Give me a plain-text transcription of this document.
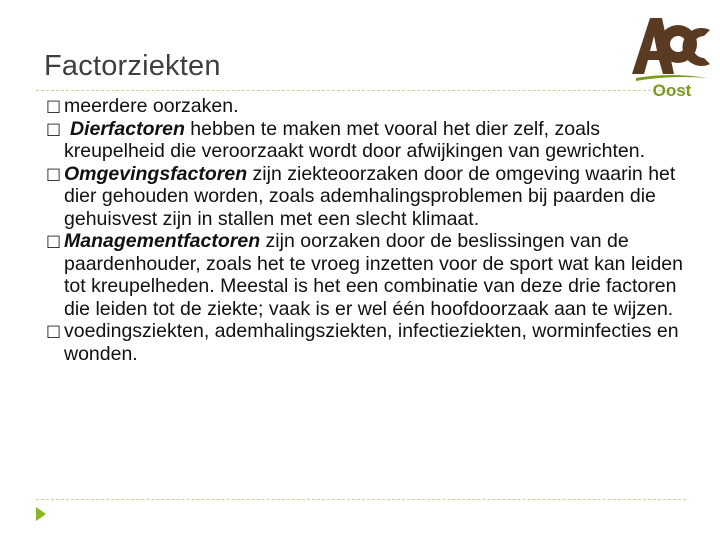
Factorziekten
Oost
□ meerdere oorzaken.
□ Dierfactoren hebben te maken met vooral het dier zelf, zoals kreupelheid die veroorzaakt wordt door afwijkingen van gewrichten.
□ Omgevingsfactoren zijn ziekteoorzaken door de omgeving waarin het dier gehouden worden, zoals ademhalingsproblemen bij paarden die gehuisvest zijn in stallen met een slecht klimaat.
□ Managementfactoren zijn oorzaken door de beslissingen van de paardenhouder, zoals het te vroeg inzetten voor de sport wat kan leiden tot kreupelheden. Meestal is het een combinatie van deze drie factoren die leiden tot de ziekte; vaak is er wel één hoofdoorzaak aan te wijzen.
□ voedingsziekten, ademhalingsziekten, infectieziekten, worminfecties en wonden.
